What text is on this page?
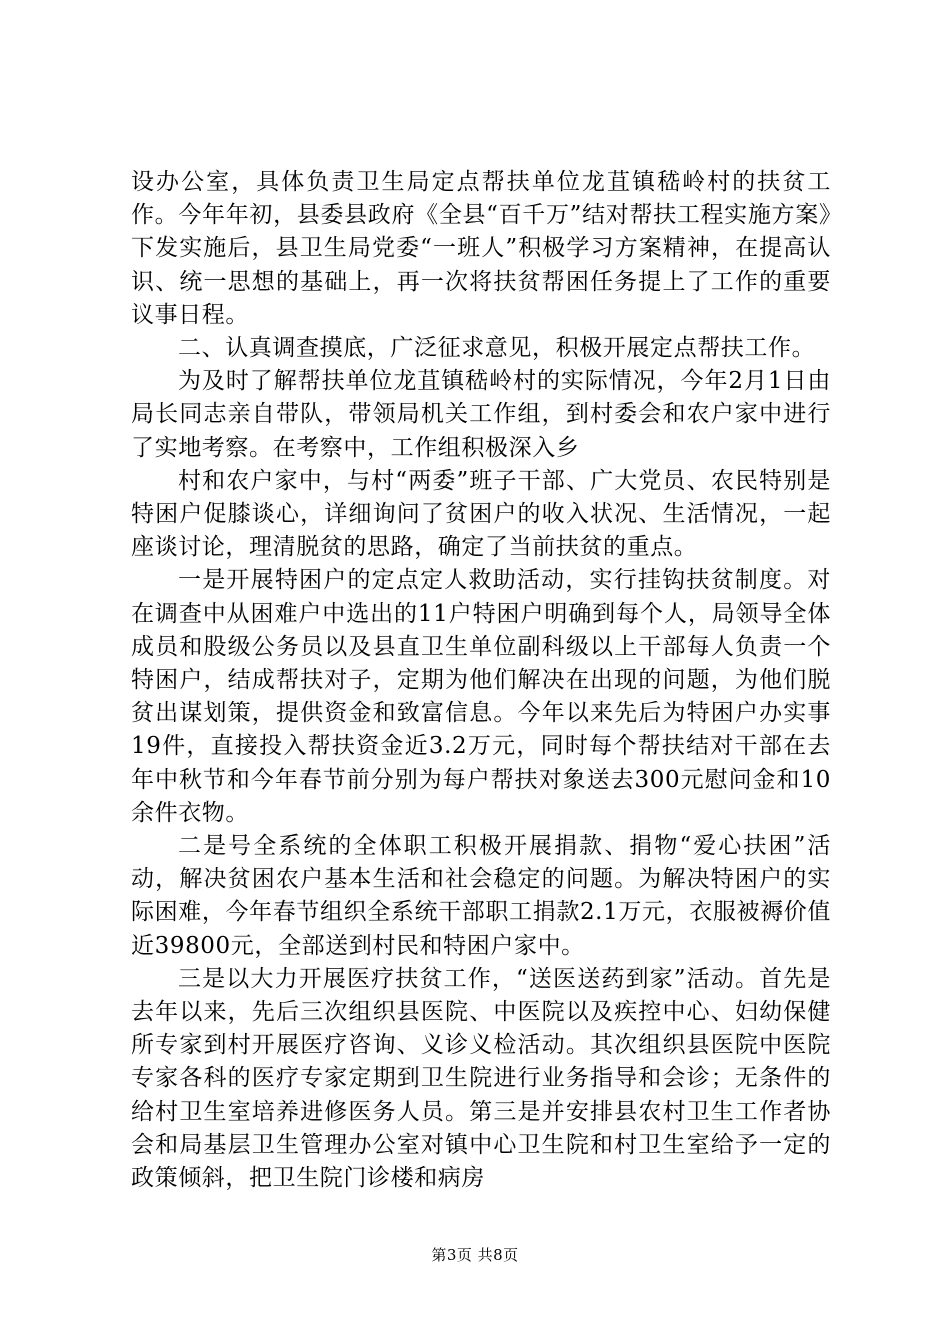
设办公室，具体负责卫生局定点帮扶单位龙苴镇嵇岭村的扶贫工作。今年年初，县委县政府《全县“百千万”结对帮扶工程实施方案》下发实施后，县卫生局党委“一班人”积极学习方案精神，在提高认识、统一思想的基础上，再一次将扶贫帮困任务提上了工作的重要议事日程。

二、认真调查摸底，广泛征求意见，积极开展定点帮扶工作。

为及时了解帮扶单位龙苴镇嵇岭村的实际情况，今年2月1日由局长同志亲自带队，带领局机关工作组，到村委会和农户家中进行了实地考察。在考察中，工作组积极深入乡

村和农户家中，与村“两委”班子干部、广大党员、农民特别是特困户促膝谈心，详细询问了贫困户的收入状况、生活情况，一起座谈讨论，理清脱贫的思路，确定了当前扶贫的重点。

一是开展特困户的定点定人救助活动，实行挂钩扶贫制度。对在调查中从困难户中选出的11户特困户明确到每个人，局领导全体成员和股级公务员以及县直卫生单位副科级以上干部每人负责一个特困户，结成帮扶对子，定期为他们解决在出现的问题，为他们脱贫出谋划策，提供资金和致富信息。今年以来先后为特困户办实事19件，直接投入帮扶资金近3.2万元，同时每个帮扶结对干部在去年中秋节和今年春节前分别为每户帮扶对象送去300元慰问金和10余件衣物。

二是号全系统的全体职工积极开展捐款、捐物“爱心扶困”活动，解决贫困农户基本生活和社会稳定的问题。为解决特困户的实际困难，今年春节组织全系统干部职工捐款2.1万元，衣服被褥价值近39800元，全部送到村民和特困户家中。

三是以大力开展医疗扶贫工作，“送医送药到家”活动。首先是去年以来，先后三次组织县医院、中医院以及疾控中心、妇幼保健所专家到村开展医疗咨询、义诊义检活动。其次组织县医院中医院专家各科的医疗专家定期到卫生院进行业务指导和会诊；无条件的给村卫生室培养进修医务人员。第三是并安排县农村卫生工作者协会和局基层卫生管理办公室对镇中心卫生院和村卫生室给予一定的政策倾斜，把卫生院门诊楼和病房

第3页 共8页
